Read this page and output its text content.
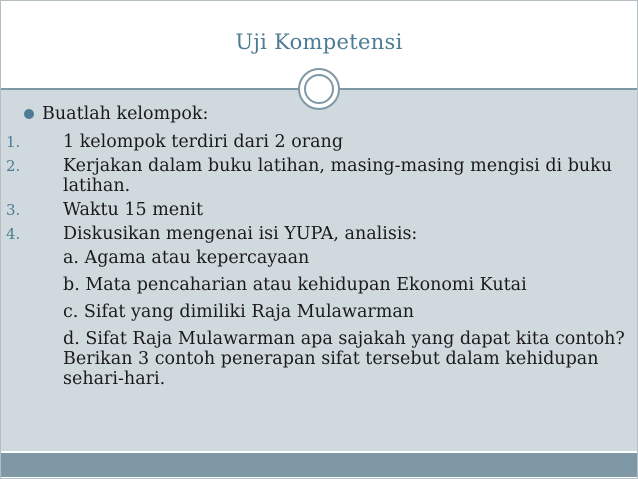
Uji Kompetensi
Buatlah kelompok:
1. 1 kelompok terdiri dari 2 orang
2. Kerjakan dalam buku latihan, masing-masing mengisi di buku latihan.
3. Waktu 15 menit
4. Diskusikan mengenai isi YUPA, analisis:
a. Agama atau kepercayaan
b. Mata pencaharian atau kehidupan Ekonomi Kutai
c. Sifat yang dimiliki Raja Mulawarman
d. Sifat Raja Mulawarman apa sajakah yang dapat kita contoh? Berikan 3 contoh penerapan sifat tersebut dalam kehidupan sehari-hari.
